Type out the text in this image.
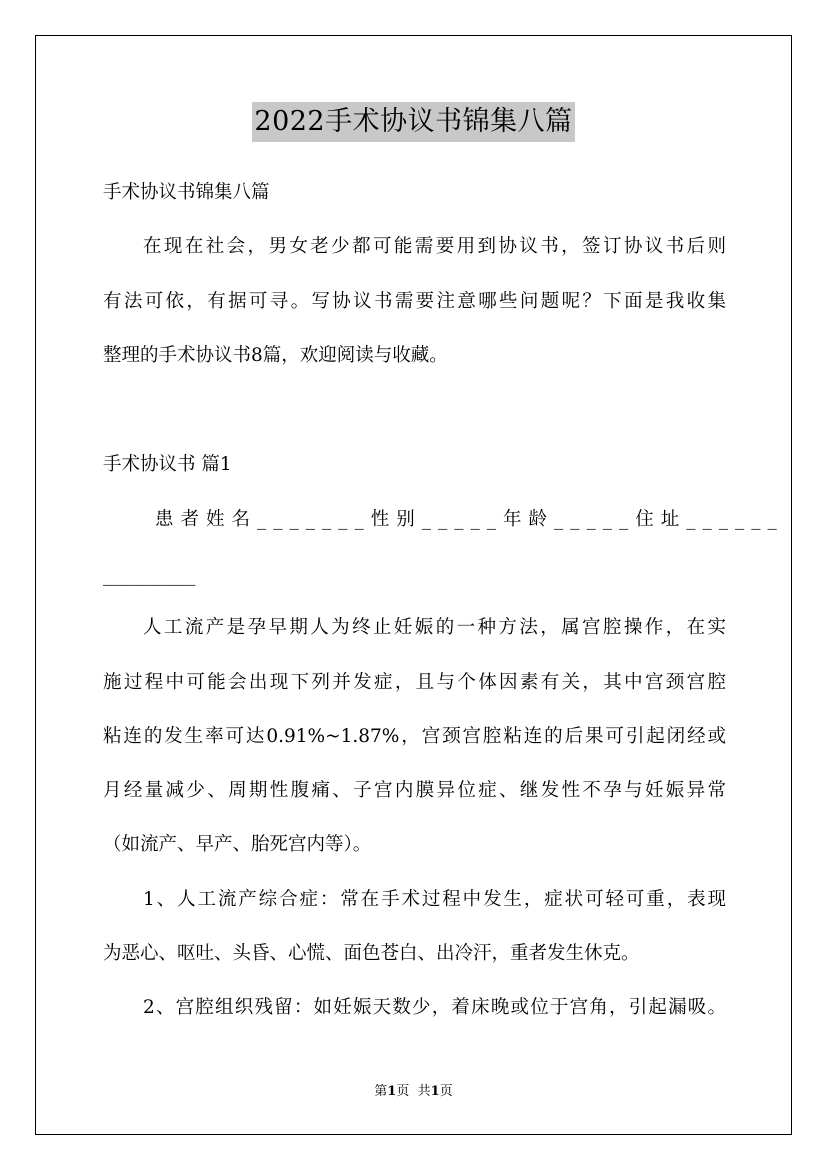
2022手术协议书锦集八篇
手术协议书锦集八篇
在现在社会，男女老少都可能需要用到协议书，签订协议书后则
有法可依，有据可寻。写协议书需要注意哪些问题呢？下面是我收集
整理的手术协议书8篇，欢迎阅读与收藏。
手术协议书 篇1
患者姓名_______ 性别_____ 年龄_____ 住址______
__________
人工流产是孕早期人为终止妊娠的一种方法，属宫腔操作，在实
施过程中可能会出现下列并发症，且与个体因素有关，其中宫颈宫腔
粘连的发生率可达0.91%~1.87%，宫颈宫腔粘连的后果可引起闭经或
月经量减少、周期性腹痛、子宫内膜异位症、继发性不孕与妊娠异常
（如流产、早产、胎死宫内等）。
1、人工流产综合症：常在手术过程中发生，症状可轻可重，表现
为恶心、呕吐、头昏、心慌、面色苍白、出冷汗，重者发生休克。
2、宫腔组织残留：如妊娠天数少，着床晚或位于宫角，引起漏吸。
第1页 共1页
